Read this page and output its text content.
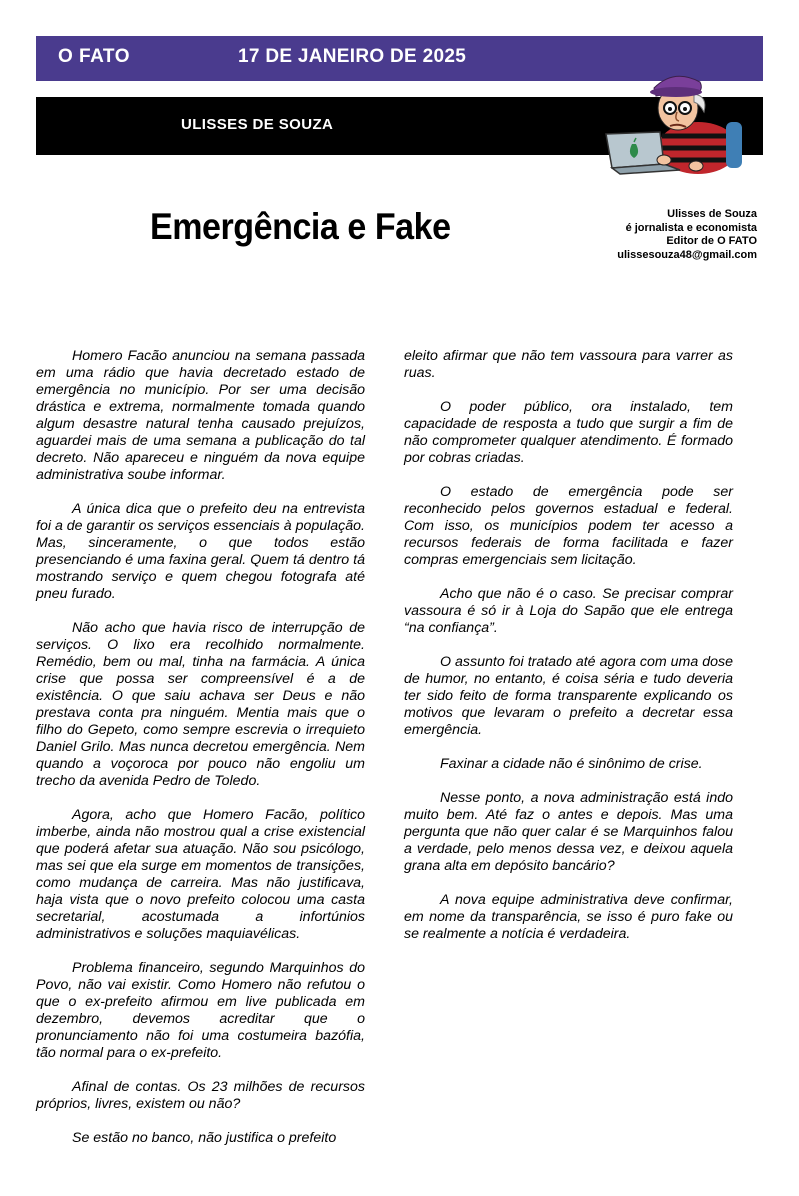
O FATO	17 DE JANEIRO DE 2025
ULISSES DE SOUZA
Emergência e Fake	Ulisses de Souza
é jornalista e economista
Editor de O FATO
ulissesouza48@gmail.com

Homero Facão anunciou na semana passada em uma rádio que havia decretado estado de emergência no município. Por ser uma decisão drástica e extrema, normalmente tomada quando algum desastre natural tenha causado prejuízos, aguardei mais de uma semana a publicação do tal decreto. Não apareceu e ninguém da nova equipe administrativa soube informar.

A única dica que o prefeito deu na entrevista foi a de garantir os serviços essenciais à população. Mas, sinceramente, o que todos estão presenciando é uma faxina geral. Quem tá dentro tá mostrando serviço e quem chegou fotografa até pneu furado.

Não acho que havia risco de interrupção de serviços. O lixo era recolhido normalmente. Remédio, bem ou mal, tinha na farmácia. A única crise que possa ser compreensível é a de existência. O que saiu achava ser Deus e não prestava conta pra ninguém. Mentia mais que o filho do Gepeto, como sempre escrevia o irrequieto Daniel Grilo. Mas nunca decretou emergência. Nem quando a voçoroca por pouco não engoliu um trecho da avenida Pedro de Toledo.

Agora, acho que Homero Facão, político imberbe, ainda não mostrou qual a crise existencial que poderá afetar sua atuação. Não sou psicólogo, mas sei que ela surge em momentos de transições, como mudança de carreira. Mas não justificava, haja vista que o novo prefeito colocou uma casta secretarial, acostumada a infortúnios administrativos e soluções maquiavélicas.

Problema financeiro, segundo Marquinhos do Povo, não vai existir. Como Homero não refutou o que o ex-prefeito afirmou em live publicada em dezembro, devemos acreditar que o pronunciamento não foi uma costumeira bazófia, tão normal para o ex-prefeito.

Afinal de contas. Os 23 milhões de recursos próprios, livres, existem ou não?

Se estão no banco, não justifica o prefeito

eleito afirmar que não tem vassoura para varrer as ruas.

O poder público, ora instalado, tem capacidade de resposta a tudo que surgir a fim de não comprometer qualquer atendimento. É formado por cobras criadas.

O estado de emergência pode ser reconhecido pelos governos estadual e federal. Com isso, os municípios podem ter acesso a recursos federais de forma facilitada e fazer compras emergenciais sem licitação.

Acho que não é o caso. Se precisar comprar vassoura é só ir à Loja do Sapão que ele entrega “na confiança”.

O assunto foi tratado até agora com uma dose de humor, no entanto, é coisa séria e tudo deveria ter sido feito de forma transparente explicando os motivos que levaram o prefeito a decretar essa emergência.

Faxinar a cidade não é sinônimo de crise.

Nesse ponto, a nova administração está indo muito bem. Até faz o antes e depois. Mas uma pergunta que não quer calar é se Marquinhos falou a verdade, pelo menos dessa vez, e deixou aquela grana alta em depósito bancário?

A nova equipe administrativa deve confirmar, em nome da transparência, se isso é puro fake ou se realmente a notícia é verdadeira.
